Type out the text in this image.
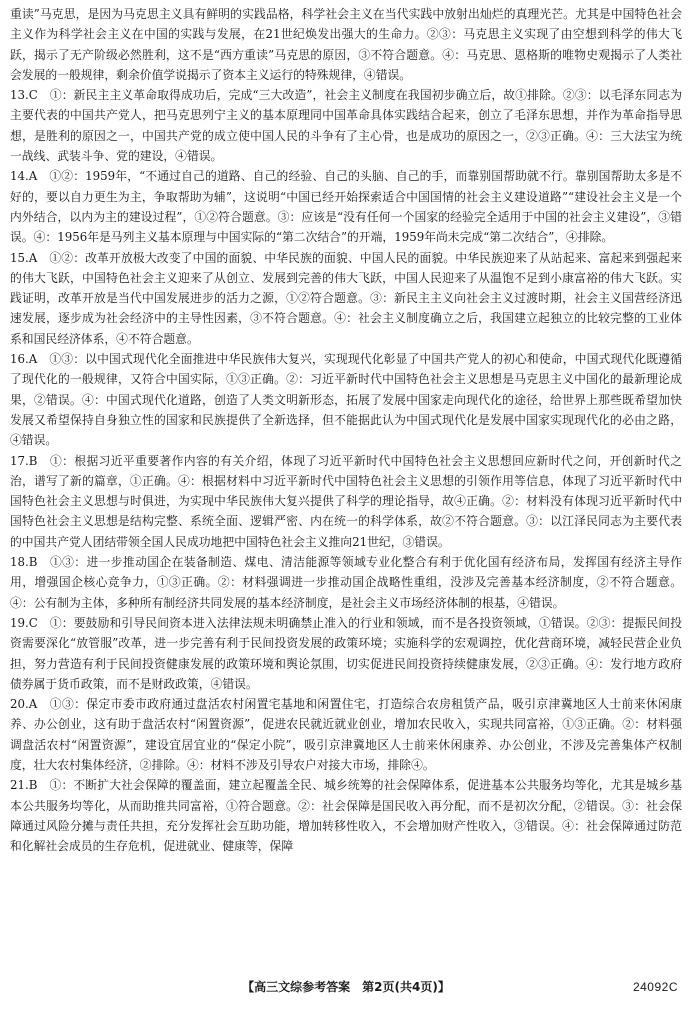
重读”马克思，是因为马克思主义具有鲜明的实践品格，科学社会主义在当代实践中放射出灿烂的真理光芒。尤其是中国特色社会主义作为科学社会主义在中国的实践与发展，在21世纪焕发出强大的生命力。②③：马克思主义实现了由空想到科学的伟大飞跃，揭示了无产阶级必然胜利，这不是“西方重读”马克思的原因，③不符合题意。④：马克思、恩格斯的唯物史观揭示了人类社会发展的一般规律，剩余价值学说揭示了资本主义运行的特殊规律，④错误。

13.C　①：新民主主义革命取得成功后，完成“三大改造”，社会主义制度在我国初步确立后，故①排除。②③：以毛泽东同志为主要代表的中国共产党人，把马克思列宁主义的基本原理同中国革命具体实践结合起来，创立了毛泽东思想，并作为革命指导思想，是胜利的原因之一，中国共产党的成立使中国人民的斗争有了主心骨，也是成功的原因之一，②③正确。④：三大法宝为统一战线、武装斗争、党的建设，④错误。

14.A　①②：1959年，“不通过自己的道路、自己的经验、自己的头脑、自己的手，而靠别国帮助就不行。靠别国帮助太多是不好的，要以自力更生为主，争取帮助为辅”，这说明“中国已经开始探索适合中国国情的社会主义建设道路”“建设社会主义是一个内外结合，以内为主的建设过程”，①②符合题意。③：应该是“没有任何一个国家的经验完全适用于中国的社会主义建设”，③错误。④：1956年是马列主义基本原理与中国实际的“第二次结合”的开端，1959年尚未完成“第二次结合”，④排除。

15.A　①②：改革开放极大改变了中国的面貌、中华民族的面貌、中国人民的面貌。中华民族迎来了从站起来、富起来到强起来的伟大飞跃，中国特色社会主义迎来了从创立、发展到完善的伟大飞跃，中国人民迎来了从温饱不足到小康富裕的伟大飞跃。实践证明，改革开放是当代中国发展进步的活力之源，①②符合题意。③：新民主主义向社会主义过渡时期，社会主义国营经济迅速发展，逐步成为社会经济中的主导性因素，③不符合题意。④：社会主义制度确立之后，我国建立起独立的比较完整的工业体系和国民经济体系，④不符合题意。

16.A　①③：以中国式现代化全面推进中华民族伟大复兴，实现现代化彰显了中国共产党人的初心和使命，中国式现代化既遵循了现代化的一般规律，又符合中国实际，①③正确。②：习近平新时代中国特色社会主义思想是马克思主义中国化的最新理论成果，②错误。④：中国式现代化道路，创造了人类文明新形态，拓展了发展中国家走向现代化的途径，给世界上那些既希望加快发展又希望保持自身独立性的国家和民族提供了全新选择，但不能据此认为中国式现代化是发展中国家实现现代化的必由之路，④错误。

17.B　①：根据习近平重要著作内容的有关介绍，体现了习近平新时代中国特色社会主义思想回应新时代之问，开创新时代之治，谱写了新的篇章，①正确。④：根据材料中习近平新时代中国特色社会主义思想的引领作用等信息，体现了习近平新时代中国特色社会主义思想与时俱进，为实现中华民族伟大复兴提供了科学的理论指导，故④正确。②：材料没有体现习近平新时代中国特色社会主义思想是结构完整、系统全面、逻辑严密、内在统一的科学体系，故②不符合题意。③：以江泽民同志为主要代表的中国共产党人团结带领全国人民成功地把中国特色社会主义推向21世纪，③错误。

18.B　①③：进一步推动国企在装备制造、煤电、清洁能源等领域专业化整合有利于优化国有经济布局，发挥国有经济主导作用，增强国企核心竞争力，①③正确。②：材料强调进一步推动国企战略性重组，没涉及完善基本经济制度，②不符合题意。④：公有制为主体，多种所有制经济共同发展的基本经济制度，是社会主义市场经济体制的根基，④错误。

19.C　①：要鼓励和引导民间资本进入法律法规未明确禁止准入的行业和领域，而不是各投资领域，①错误。②③：提振民间投资需要深化“放管服”改革，进一步完善有利于民间投资发展的政策环境；实施科学的宏观调控，优化营商环境，减轻民营企业负担，努力营造有利于民间投资健康发展的政策环境和舆论氛围，切实促进民间投资持续健康发展，②③正确。④：发行地方政府债券属于货币政策，而不是财政政策，④错误。

20.A　①③：保定市委市政府通过盘活农村闲置宅基地和闲置住宅，打造综合农房租赁产品，吸引京津冀地区人士前来休闲康养、办公创业，这有助于盘活农村“闲置资源”，促进农民就近就业创业，增加农民收入，实现共同富裕，①③正确。②：材料强调盘活农村“闲置资源”，建设宜居宜业的“保定小院”，吸引京津冀地区人士前来休闲康养、办公创业，不涉及完善集体产权制度，壮大农村集体经济，②排除。④：材料不涉及引导农户对接大市场，排除④。

21.B　①：不断扩大社会保障的覆盖面，建立起覆盖全民、城乡统筹的社会保障体系，促进基本公共服务均等化，尤其是城乡基本公共服务均等化，从而助推共同富裕，①符合题意。②：社会保障是国民收入再分配，而不是初次分配，②错误。③：社会保障通过风险分摊与责任共担，充分发挥社会互助功能，增加转移性收入，不会增加财产性收入，③错误。④：社会保障通过防范和化解社会成员的生存危机，促进就业、健康等，保障

【高三文综参考答案　第2页(共4页)】	24092C
